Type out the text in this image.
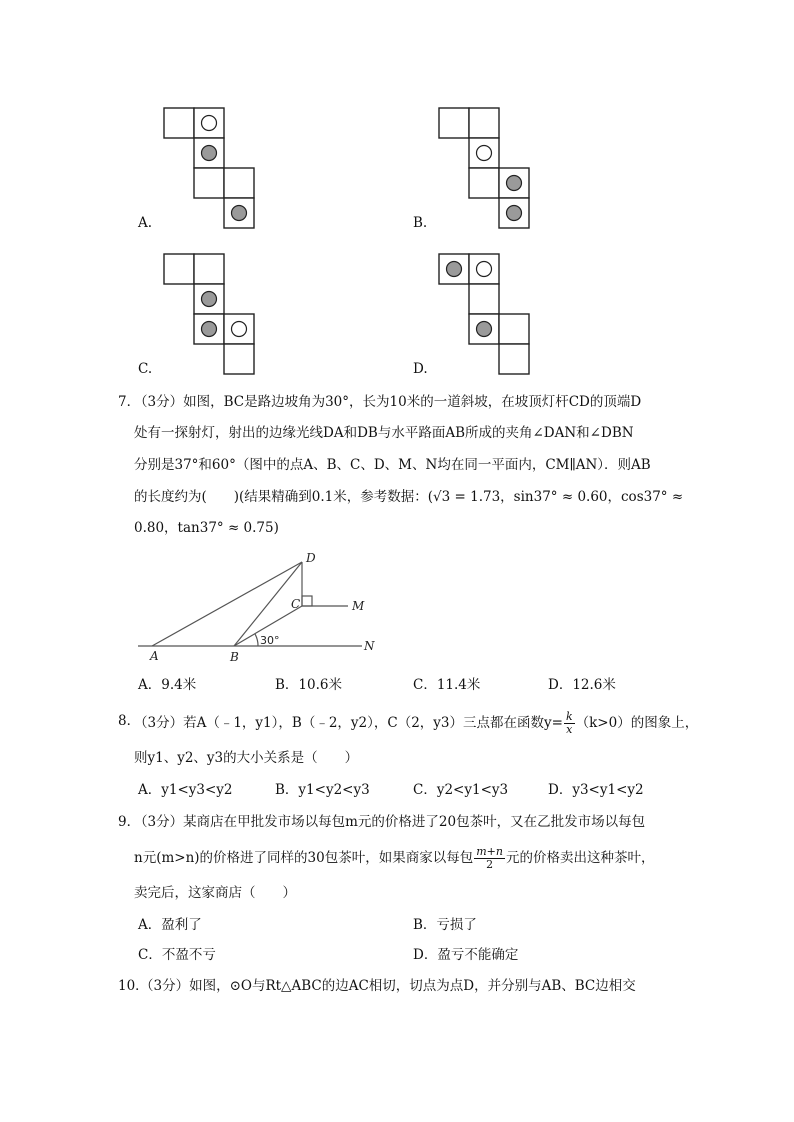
A.	B.
C.	D.
7．
（3分）如图，BC是路边坡角为30°，长为10米的一道斜坡，在坡顶灯杆CD的顶端D
处有一探射灯，射出的边缘光线DA和DB与水平路面AB所成的夹角∠DAN和∠DBN
分别是37°和60°（图中的点A、B、C、D、M、N均在同一平面内，CM∥AN）．则AB
的长度约为(　　)(结果精确到0.1米，参考数据：(√3 = 1.73，sin37° ≈ 0.60，cos37° ≈
0.80，tan37° ≈ 0.75)
D
C	M
A	B
N
30°
A．9.4米	B．10.6米	C．11.4米	D．12.6米
8．
（3分）若A（﹣1，y1），B（﹣2，y2），C（2，y3）三点都在函数$y= \frac{k}{x} (k>0)$的图象上，
则y1、y2、y3的大小关系是（　　）
A．y1<y3<y2	B．y1<y2<y3	C．y2<y1<y3	D．y3<y1<y2
9．
（3分）某商店在甲批发市场以每包m元的价格进了20包茶叶，又在乙批发市场以每包
n元(m>n)的价格进了同样的30包茶叶，如果商家以每包 $\frac{m+n}{2}$ 元的价格卖出这种茶叶，
卖完后，这家商店（　　）
A．盈利了	B．亏损了
C．不盈不亏	D．盈亏不能确定
10．
（3分）如图，⊙O与Rt△ABC的边AC相切，切点为点D，并分别与AB、BC边相交
